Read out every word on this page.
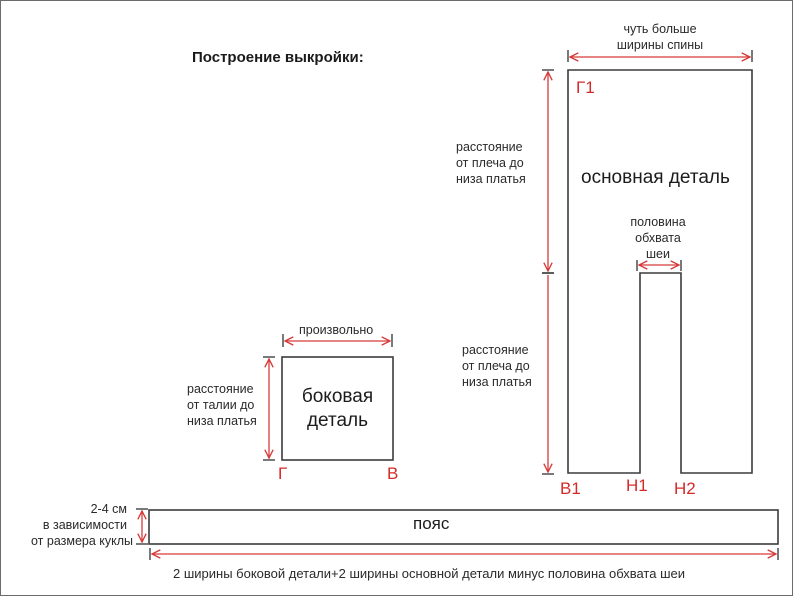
Построение выкройки:
чуть больше
ширины спины
расстояние
от плеча до
низа платья
расстояние
от плеча до
низа платья
основная деталь
половина
обхвата
шеи
Г1
В1	Н1 Н2
произвольно
расстояние
от талии до
низа платья
боковая
деталь
Г	В
2-4 см
в зависимости
от размера куклы
пояс
2 ширины боковой детали+2 ширины основной детали минус половина обхвата шеи
